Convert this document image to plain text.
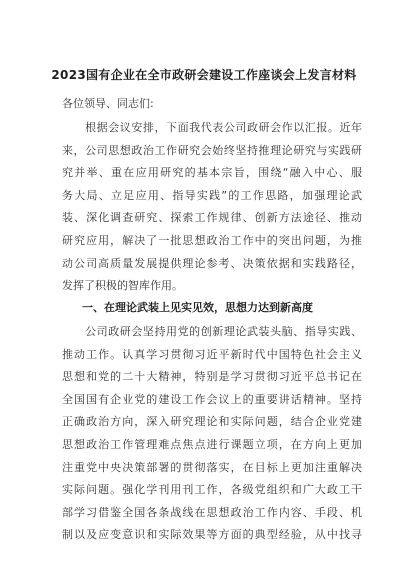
2023国有企业在全市政研会建设工作座谈会上发言材料
各位领导、同志们:
　　根据会议安排，下面我代表公司政研会作以汇报。近年
来，公司思想政治工作研究会始终坚持推理论研究与实践研
究并举、重在应用研究的基本宗旨，围绕“融入中心、服
务大局、立足应用、指导实践”的工作思路，加强理论武
装、深化调查研究、探索工作规律、创新方法途径、推动
研究应用，解决了一批思想政治工作中的突出问题，为推
动公司高质量发展提供理论参考、决策依据和实践路径，
发挥了积极的智库作用。
一、在理论武装上见实见效，思想力达到新高度
　　公司政研会坚持用党的创新理论武装头脑、指导实践、
推动工作。认真学习贯彻习近平新时代中国特色社会主义
思想和党的二十大精神，特别是学习贯彻习近平总书记在
全国国有企业党的建设工作会议上的重要讲话精神。坚持
正确政治方向，深入研究理论和实际问题，结合企业党建
思想政治工作管理难点焦点进行课题立项，在方向上更加
注重党中央决策部署的贯彻落实，在目标上更加注重解决
实际问题。强化学刊用刊工作，各级党组织和广大政工干
部学习借鉴全国各条战线在思想政治工作内容、手段、机
制以及应变意识和实际效果等方面的典型经验，从中找寻
